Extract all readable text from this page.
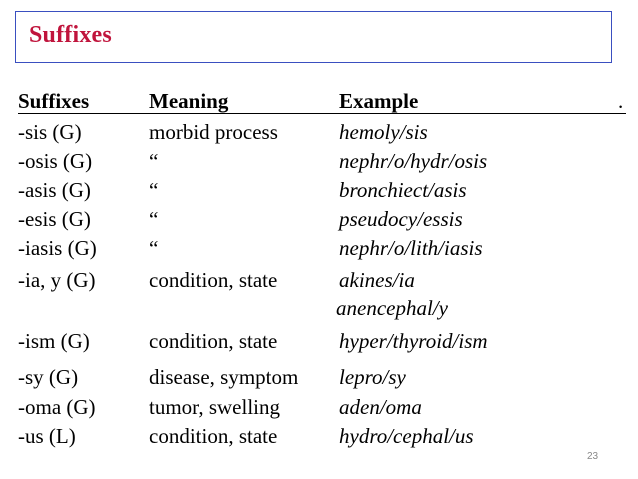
Suffixes
Suffixes	Meaning	Example	.
-sis (G)	morbid process	hemoly/sis
-osis (G)	“	nephr/o/hydr/osis
-asis (G)	“	bronchiect/asis
-esis (G)	“	pseudocy/essis
-iasis (G) “	nephr/o/lith/iasis
-ia, y (G)	condition, state	akines/ia
anencephal/y
-ism (G)	condition, state	hyper/thyroid/ism
-sy (G)	disease, symptom lepro/sy
-oma (G)	tumor, swelling	aden/oma
-us (L)	condition, state	hydro/cephal/us
23
